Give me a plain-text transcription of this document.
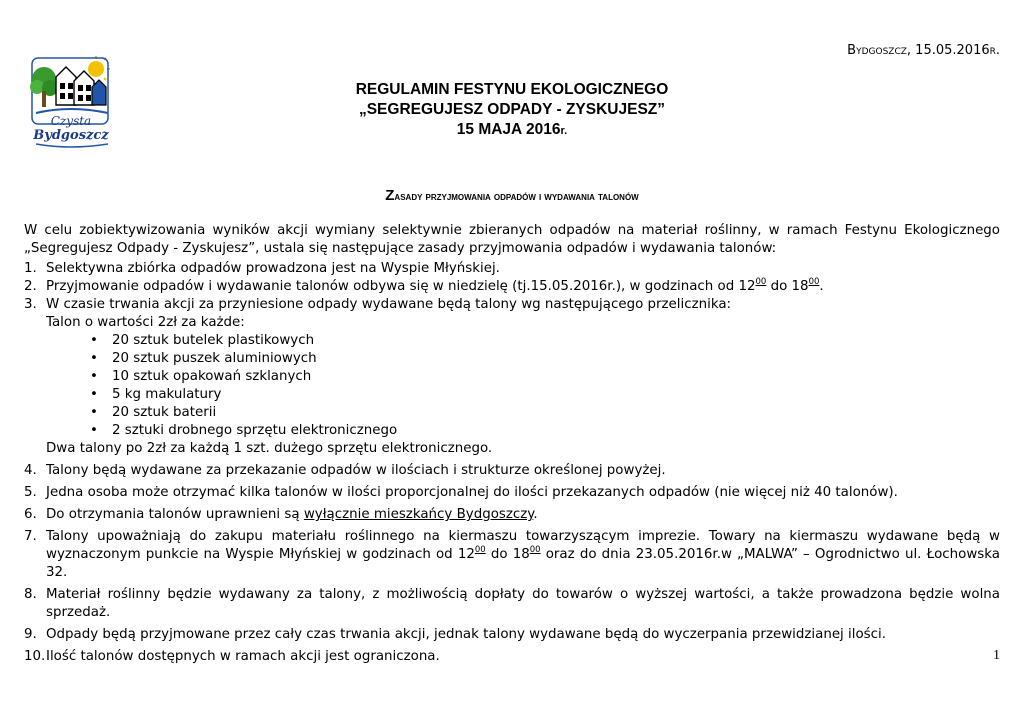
Bydgoszcz, 15.05.2016r.
Czysta
Bydgoszcz
REGULAMIN FESTYNU EKOLOGICZNEGO
„SEGREGUJESZ ODPADY - ZYSKUJESZ”
15 MAJA 2016r.
Zasady przyjmowania odpadów i wydawania talonów

W celu zobiektywizowania wyników akcji wymiany selektywnie zbieranych odpadów na materiał roślinny, w ramach Festynu Ekologicznego „Segregujesz Odpady - Zyskujesz”, ustala się następujące zasady przyjmowania odpadów i wydawania talonów:

1. Selektywna zbiórka odpadów prowadzona jest na Wyspie Młyńskiej.
2. Przyjmowanie odpadów i wydawanie talonów odbywa się w niedzielę (tj.15.05.2016r.), w godzinach od $12^{00}$ do $18^{00}$.
3. W czasie trwania akcji za przyniesione odpady wydawane będą talony wg następującego przelicznika:
Talon o wartości 2zł za każde:
• 20 sztuk butelek plastikowych
• 20 sztuk puszek aluminiowych
• 10 sztuk opakowań szklanych
• 5 kg makulatury
• 20 sztuk baterii
• 2 sztuki drobnego sprzętu elektronicznego
Dwa talony po 2zł za każdą 1 szt. dużego sprzętu elektronicznego.
4. Talony będą wydawane za przekazanie odpadów w ilościach i strukturze określonej powyżej.
5. Jedna osoba może otrzymać kilka talonów w ilości proporcjonalnej do ilości przekazanych odpadów (nie więcej niż 40 talonów).
6. Do otrzymania talonów uprawnieni są wyłącznie mieszkańcy Bydgoszczy.
7. Talony upoważniają do zakupu materiału roślinnego na kiermaszu towarzyszącym imprezie. Towary na kiermaszu wydawane będą w wyznaczonym punkcie na Wyspie Młyńskiej w godzinach od $12^{00}$ do $18^{00}$ oraz do dnia 23.05.2016r.w „MALWA” – Ogrodnictwo ul. Łochowska 32.
8. Materiał roślinny będzie wydawany za talony, z możliwością dopłaty do towarów o wyższej wartości, a także prowadzona będzie wolna sprzedaż.
9. Odpady będą przyjmowane przez cały czas trwania akcji, jednak talony wydawane będą do wyczerpania przewidzianej ilości.
10. Ilość talonów dostępnych w ramach akcji jest ograniczona.	1
